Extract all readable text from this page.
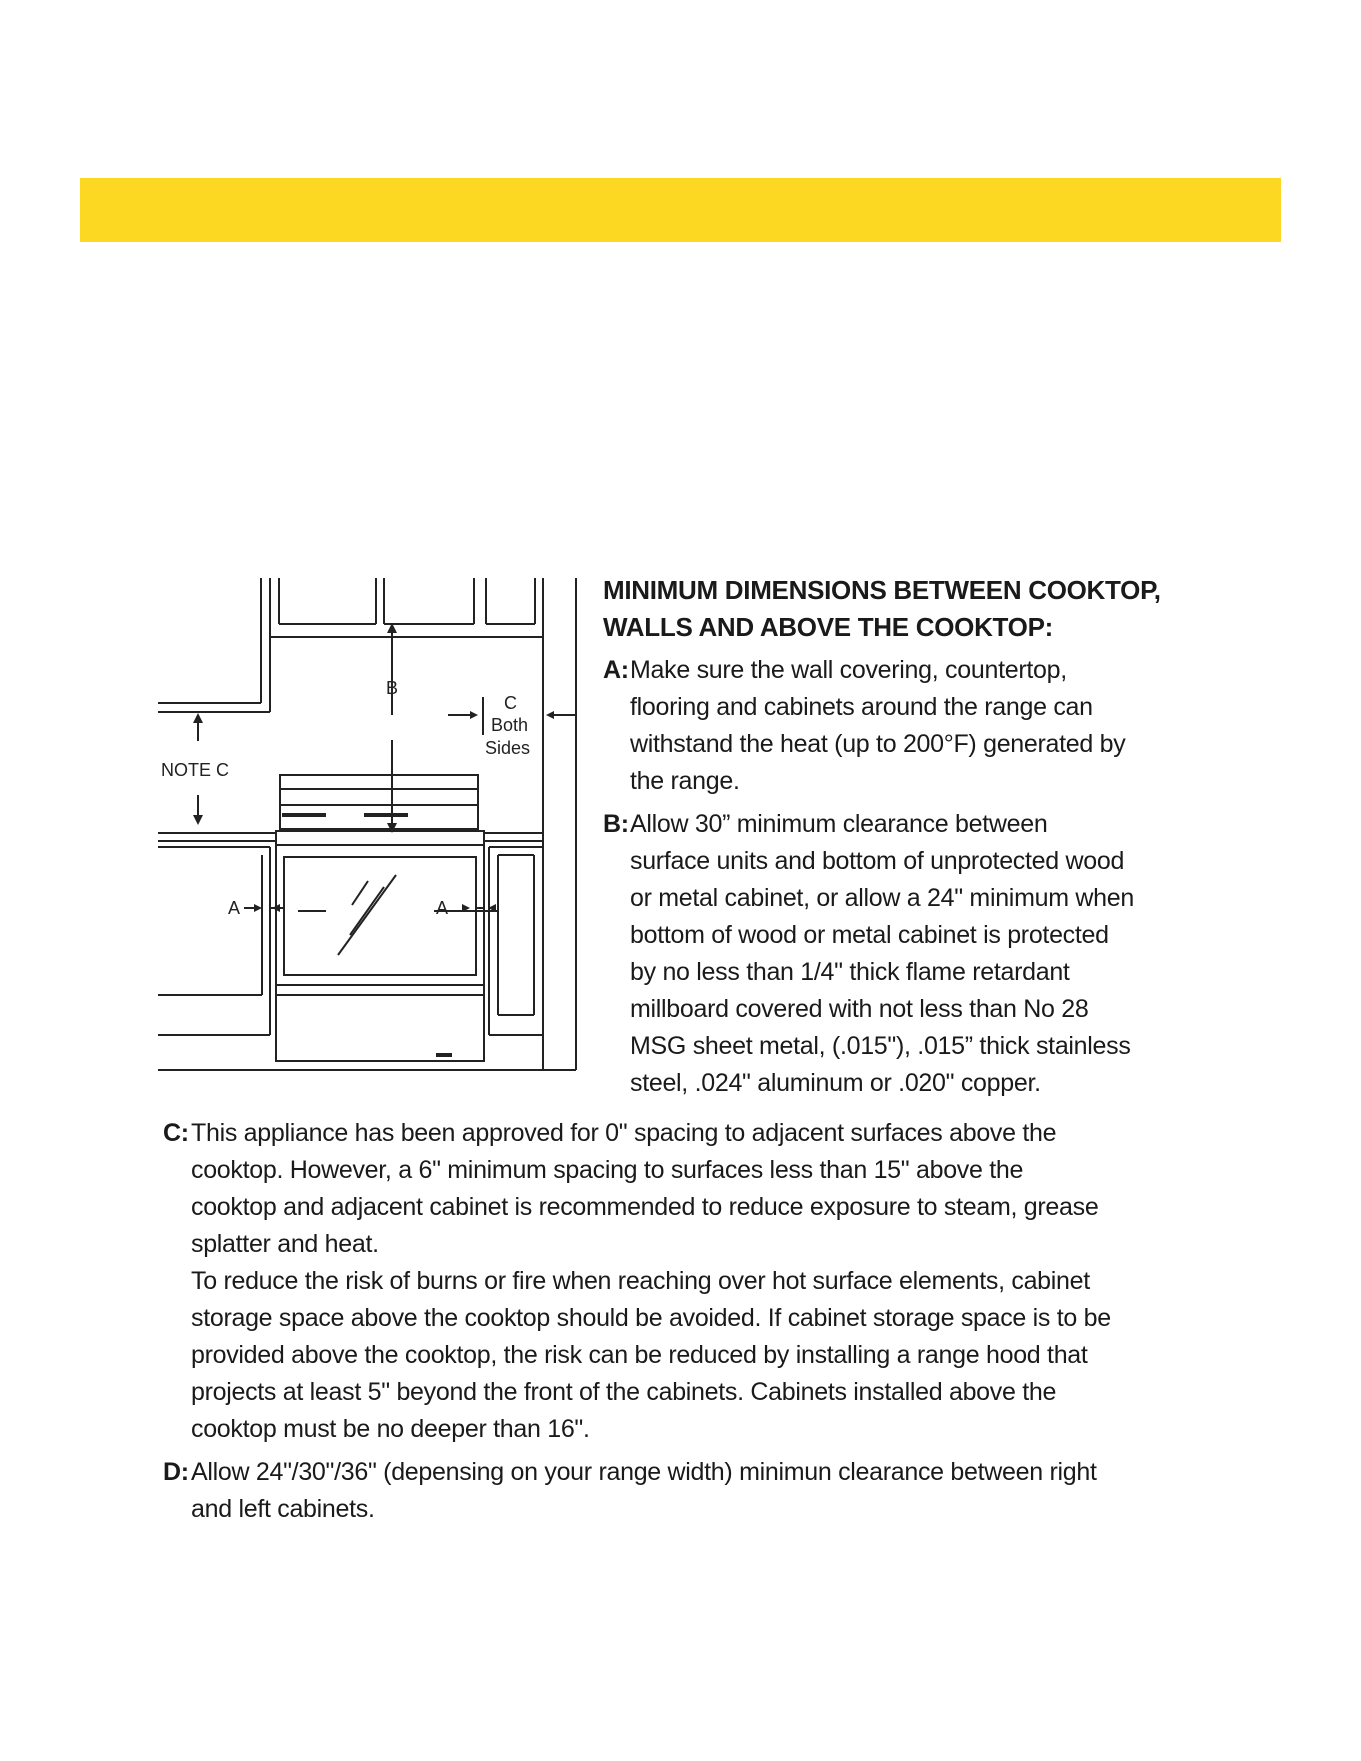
B
C
Both
Sides
NOTE C
A	A
MINIMUM DIMENSIONS BETWEEN COOKTOP,
WALLS AND ABOVE THE COOKTOP:
A: Make sure the wall covering, countertop,
flooring and cabinets around the range can
withstand the heat (up to 200°F) generated by
the range.
B: Allow 30” minimum clearance between
surface units and bottom of unprotected wood
or metal cabinet, or allow a 24" minimum when
bottom of wood or metal cabinet is protected
by no less than 1/4" thick flame retardant
millboard covered with not less than No 28
MSG sheet metal, (.015"), .015” thick stainless
steel, .024" aluminum or .020" copper.
C: This appliance has been approved for 0" spacing to adjacent surfaces above the
cooktop. However, a 6" minimum spacing to surfaces less than 15" above the
cooktop and adjacent cabinet is recommended to reduce exposure to steam, grease
splatter and heat.
To reduce the risk of burns or fire when reaching over hot surface elements, cabinet
storage space above the cooktop should be avoided. If cabinet storage space is to be
provided above the cooktop, the risk can be reduced by installing a range hood that
projects at least 5" beyond the front of the cabinets. Cabinets installed above the
cooktop must be no deeper than 16".
D: Allow 24"/30"/36" (depensing on your range width) minimun clearance between right
and left cabinets.
